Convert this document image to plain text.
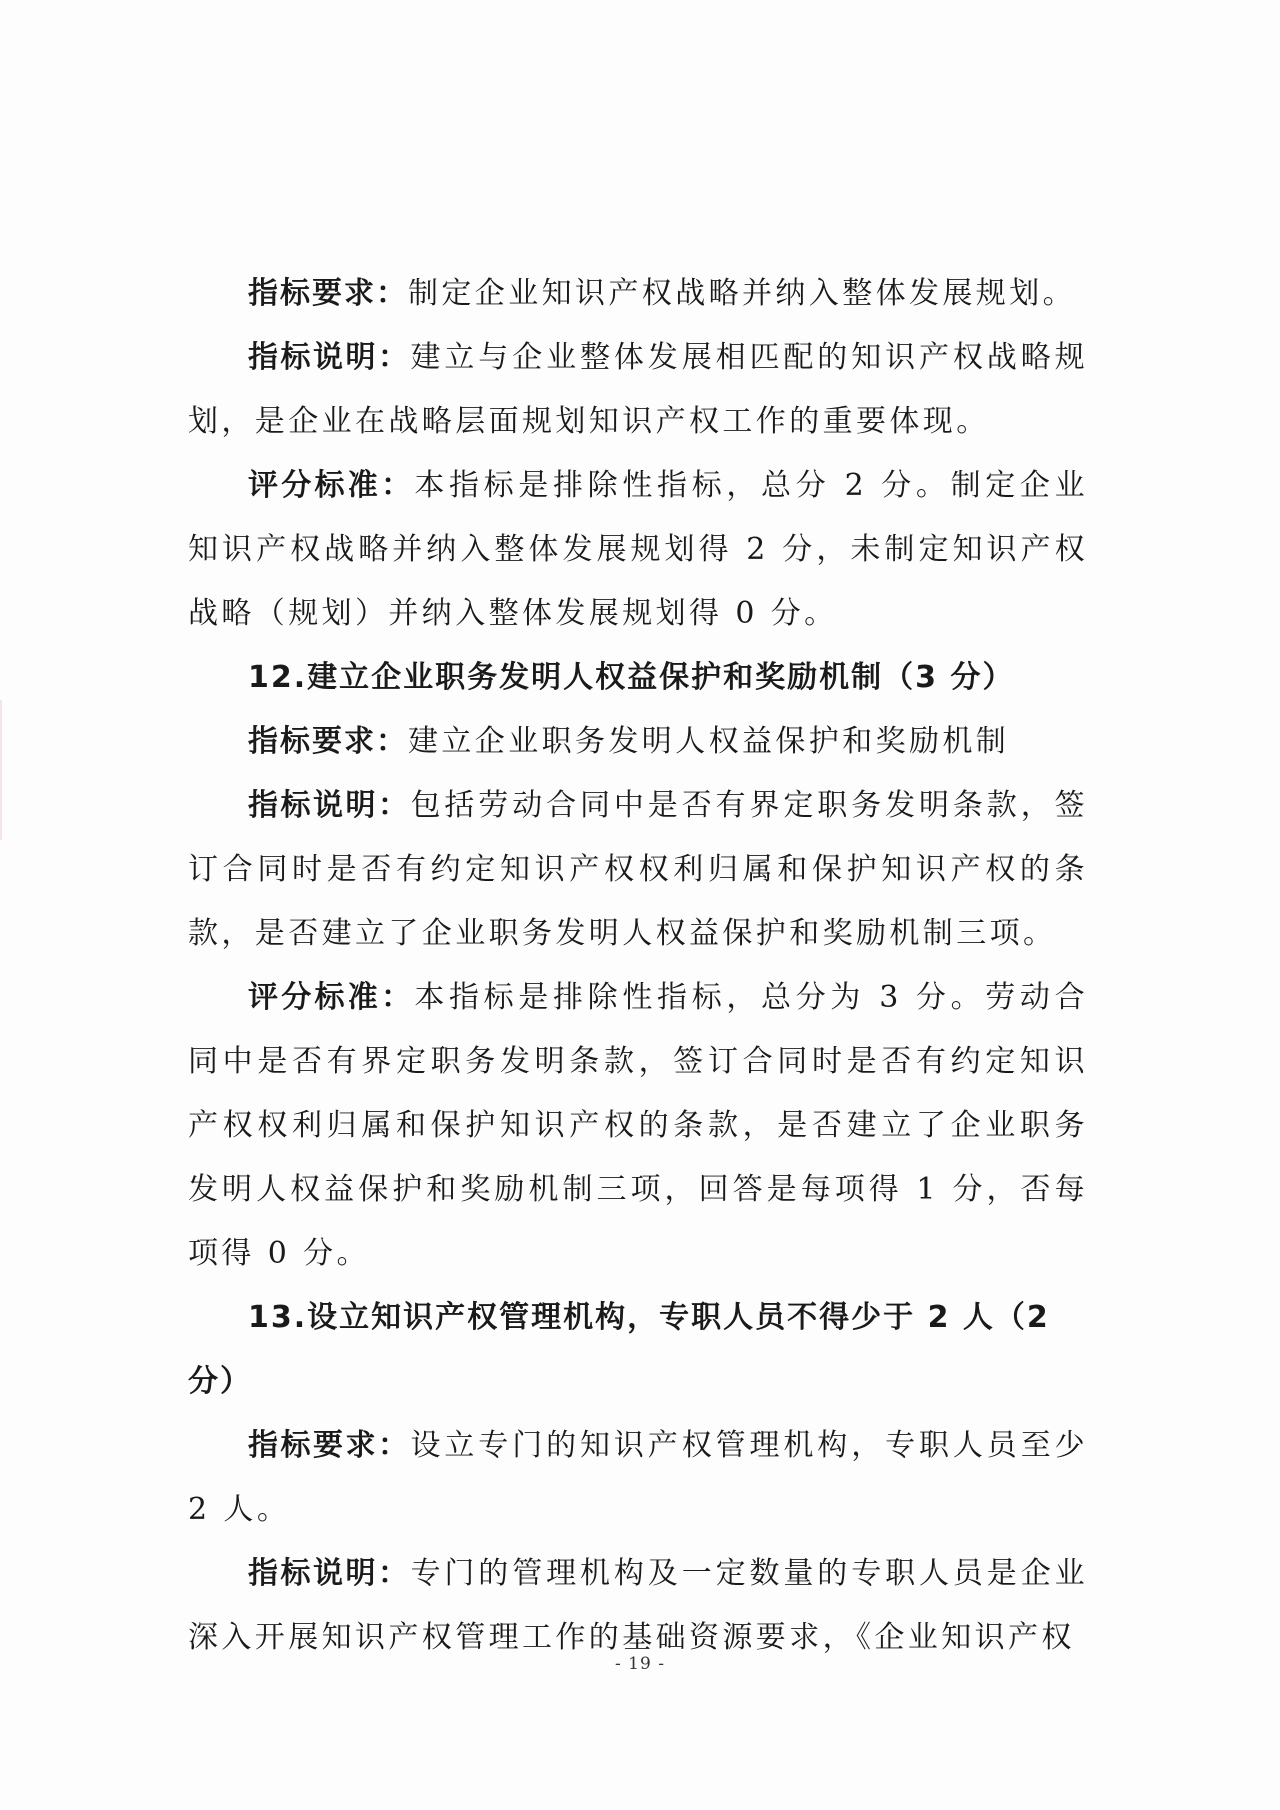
指标要求：制定企业知识产权战略并纳入整体发展规划。

指标说明：建立与企业整体发展相匹配的知识产权战略规划，是企业在战略层面规划知识产权工作的重要体现。

评分标准：本指标是排除性指标，总分 2 分。制定企业知识产权战略并纳入整体发展规划得 2 分，未制定知识产权战略（规划）并纳入整体发展规划得 0 分。

12.建立企业职务发明人权益保护和奖励机制（3 分）

指标要求：建立企业职务发明人权益保护和奖励机制

指标说明：包括劳动合同中是否有界定职务发明条款，签订合同时是否有约定知识产权权利归属和保护知识产权的条款，是否建立了企业职务发明人权益保护和奖励机制三项。

评分标准：本指标是排除性指标，总分为 3 分。劳动合同中是否有界定职务发明条款，签订合同时是否有约定知识产权权利归属和保护知识产权的条款，是否建立了企业职务发明人权益保护和奖励机制三项，回答是每项得 1 分，否每项得 0 分。

13.设立知识产权管理机构，专职人员不得少于 2 人（2 分）

指标要求：设立专门的知识产权管理机构，专职人员至少 2 人。

指标说明：专门的管理机构及一定数量的专职人员是企业深入开展知识产权管理工作的基础资源要求，《企业知识产权

- 19 -
